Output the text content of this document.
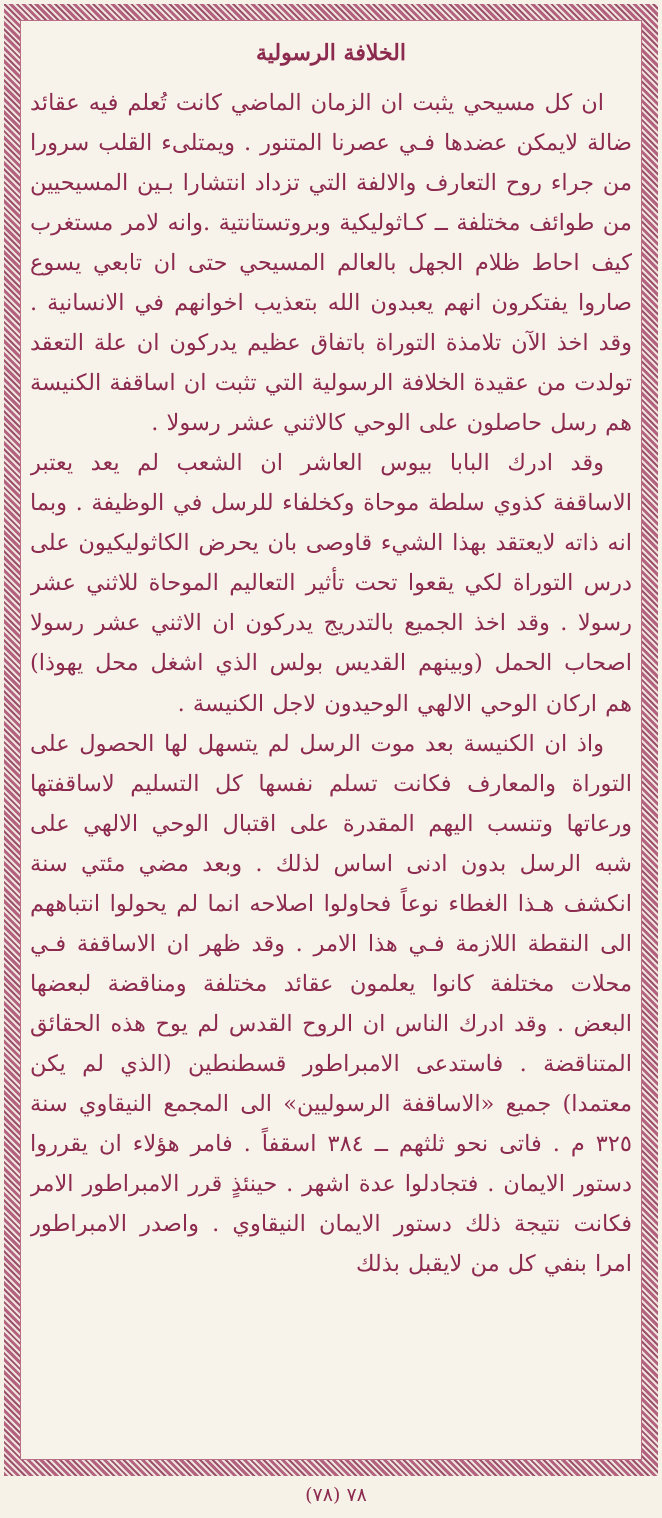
الخلافة الرسولية

ان كل مسيحي يثبت ان الزمان الماضي كانت تُعلم فيه عقائد ضالة لايمكن عضدها فـي عصرنا المتنور . ويمتلىء القلب سرورا من جراء روح التعارف والالفة التي تزداد انتشارا بـين المسيحيين من طوائف مختلفة ــ كـاثوليكية وبروتستانتية .وانه لامر مستغرب كيف احاط ظلام الجهل بالعالم المسيحي حتى ان تابعي يسوع صاروا يفتكرون انهم يعبدون الله بتعذيب اخوانهم في الانسانية . وقد اخذ الآن تلامذة التوراة باتفاق عظيم يدركون ان علة التعقد تولدت من عقيدة الخلافة الرسولية التي تثبت ان اساقفة الكنيسة هم رسل حاصلون على الوحي كالاثني عشر رسولا .

وقد ادرك البابا بيوس العاشر ان الشعب لم يعد يعتبر الاساقفة كذوي سلطة موحاة وكخلفاء للرسل في الوظيفة . وبما انه ذاته لايعتقد بهذا الشيء قاوصى بان يحرض الكاثوليكيون على درس التوراة لكي يقعوا تحت تأثير التعاليم الموحاة للاثني عشر رسولا . وقد اخذ الجميع بالتدريج يدركون ان الاثني عشر رسولا اصحاب الحمل (وبينهم القديس بولس الذي اشغل محل يهوذا) هم اركان الوحي الالهي الوحيدون لاجل الكنيسة .

واذ ان الكنيسة بعد موت الرسل لم يتسهل لها الحصول على التوراة والمعارف فكانت تسلم نفسها كل التسليم لاساقفتها ورعاتها وتنسب اليهم المقدرة على اقتبال الوحي الالهي على شبه الرسل بدون ادنى اساس لذلك . وبعد مضي مئتي سنة انكشف هـذا الغطاء نوعاً فحاولوا اصلاحه انما لم يحولوا انتباههم الى النقطة اللازمة فـي هذا الامر . وقد ظهر ان الاساقفة فـي محلات مختلفة كانوا يعلمون عقائد مختلفة ومناقضة لبعضها البعض . وقد ادرك الناس ان الروح القدس لم يوح هذه الحقائق المتناقضة . فاستدعى الامبراطور قسطنطين (الذي لم يكن معتمدا) جميع «الاساقفة الرسوليين» الى المجمع النيقاوي سنة ٣٢٥ م . فاتى نحو ثلثهم ــ ٣٨٤ اسقفاً . فامر هؤلاء ان يقرروا دستور الايمان . فتجادلوا عدة اشهر . حينئذٍ قرر الامبراطور الامر فكانت نتيجة ذلك دستور الايمان النيقاوي . واصدر الامبراطور امرا بنفي كل من لايقبل بذلك

(٧٨) ٧٨
